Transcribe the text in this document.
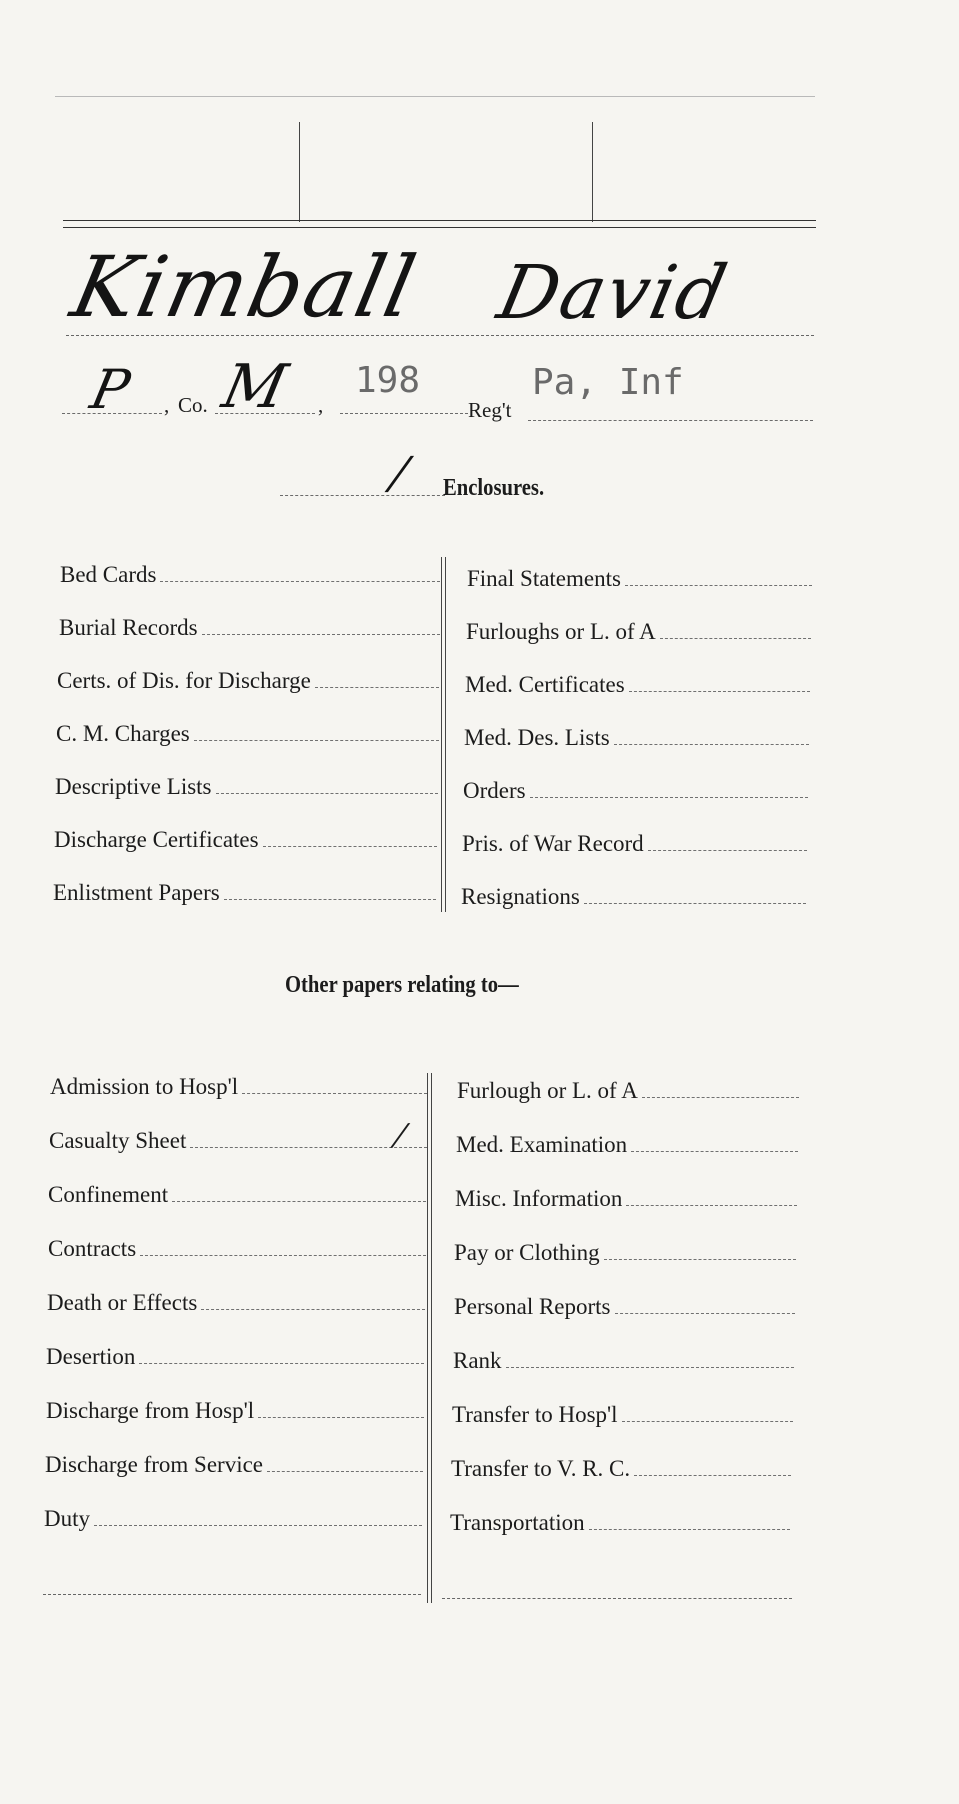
Kimball David
P , Co. M ,
198
Reg't
Pa, Inf
/ Enclosures.
Bed Cards
Burial Records
Certs. of Dis. for Discharge
C. M. Charges
Descriptive Lists
Discharge Certificates
Enlistment Papers
Final Statements
Furloughs or L. of A
Med. Certificates
Med. Des. Lists
Orders
Pris. of War Record
Resignations
Other papers relating to—
Admission to Hosp'l
Casualty Sheet	/
Confinement
Contracts
Death or Effects
Desertion
Discharge from Hosp'l
Discharge from Service
Duty
Furlough or L. of A
Med. Examination
Misc. Information
Pay or Clothing
Personal Reports
Rank
Transfer to Hosp'l
Transfer to V. R. C.
Transportation
